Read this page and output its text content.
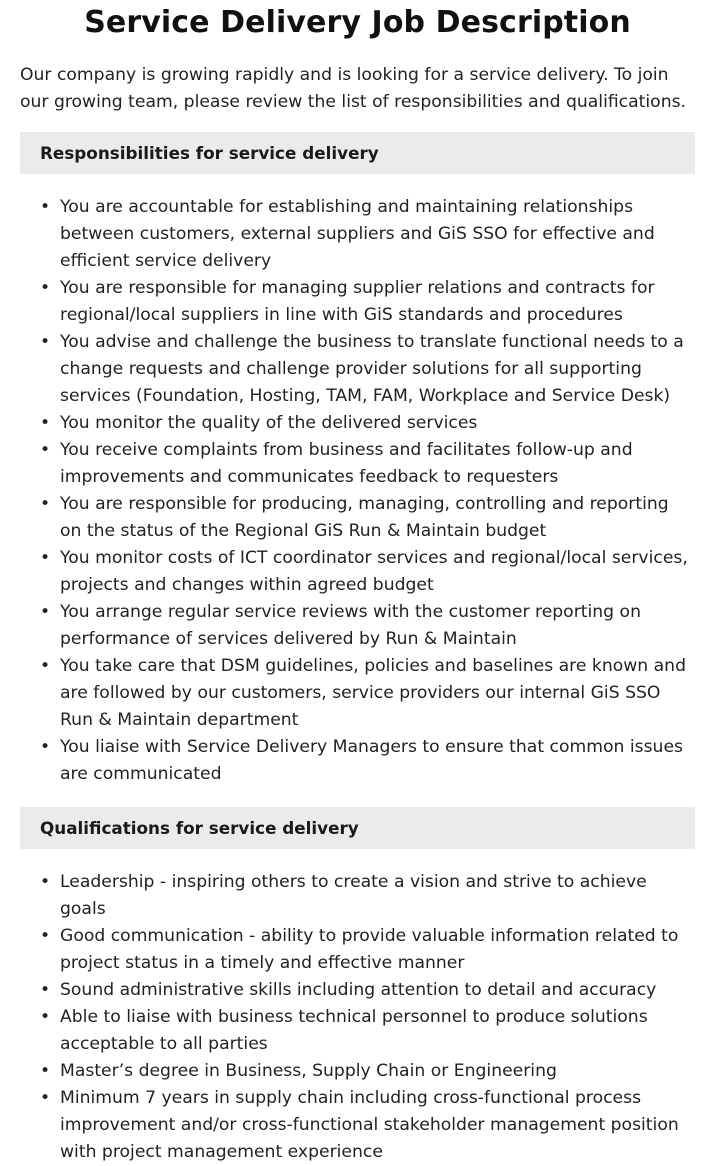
Service Delivery Job Description

Our company is growing rapidly and is looking for a service delivery. To join our growing team, please review the list of responsibilities and qualifications.

Responsibilities for service delivery
• You are accountable for establishing and maintaining relationships between customers, external suppliers and GiS SSO for effective and efficient service delivery
• You are responsible for managing supplier relations and contracts for regional/local suppliers in line with GiS standards and procedures
• You advise and challenge the business to translate functional needs to a change requests and challenge provider solutions for all supporting services (Foundation, Hosting, TAM, FAM, Workplace and Service Desk)
• You monitor the quality of the delivered services
• You receive complaints from business and facilitates follow-up and improvements and communicates feedback to requesters
• You are responsible for producing, managing, controlling and reporting on the status of the Regional GiS Run & Maintain budget
• You monitor costs of ICT coordinator services and regional/local services, projects and changes within agreed budget
• You arrange regular service reviews with the customer reporting on performance of services delivered by Run & Maintain
• You take care that DSM guidelines, policies and baselines are known and are followed by our customers, service providers our internal GiS SSO Run & Maintain department
• You liaise with Service Delivery Managers to ensure that common issues are communicated
Qualifications for service delivery
• Leadership - inspiring others to create a vision and strive to achieve goals
• Good communication - ability to provide valuable information related to project status in a timely and effective manner
• Sound administrative skills including attention to detail and accuracy
• Able to liaise with business technical personnel to produce solutions acceptable to all parties
• Master’s degree in Business, Supply Chain or Engineering
• Minimum 7 years in supply chain including cross-functional process improvement and/or cross-functional stakeholder management position with project management experience
